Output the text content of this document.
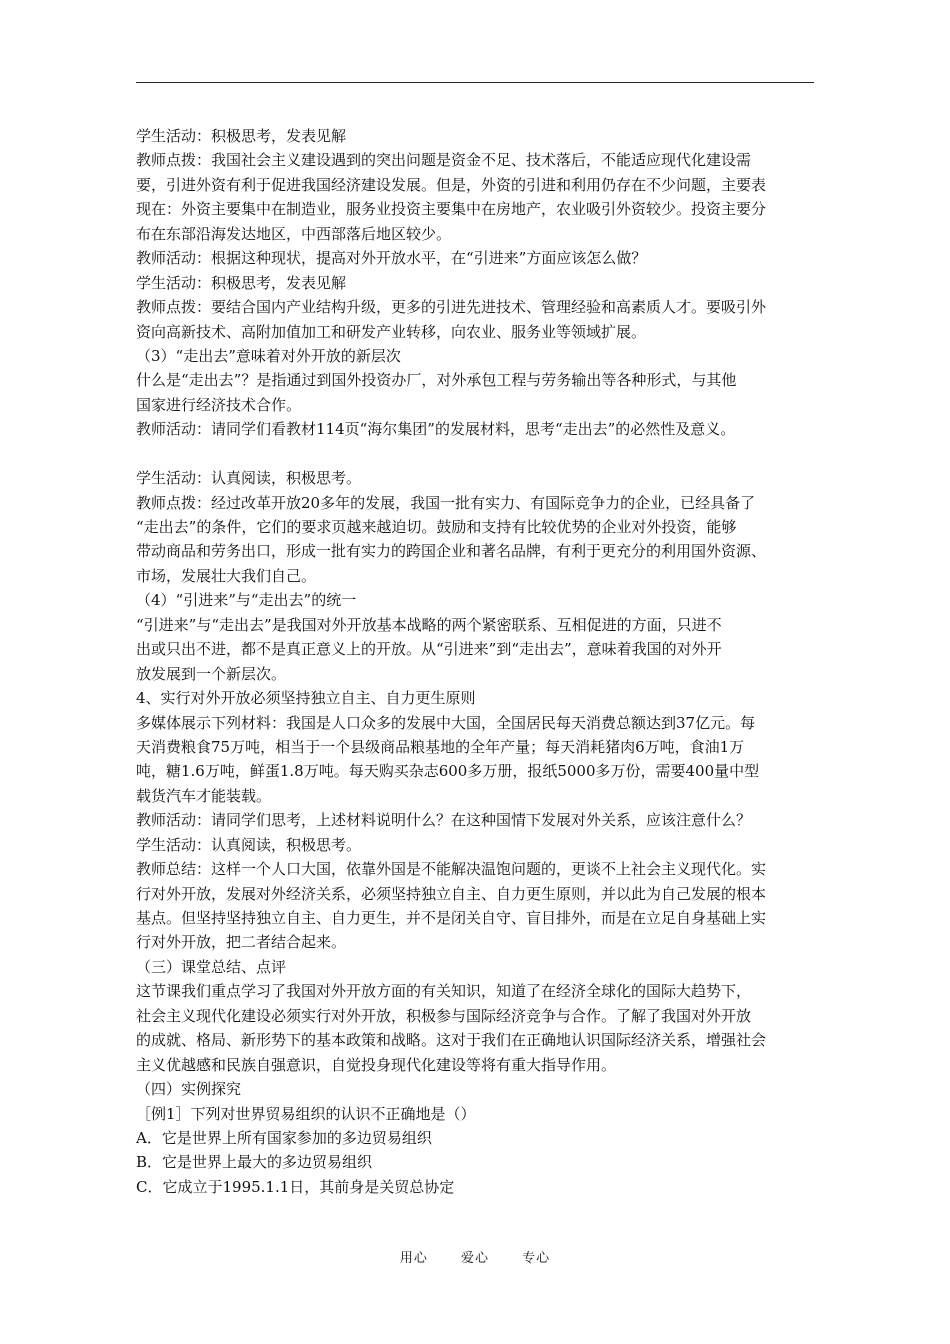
学生活动：积极思考，发表见解
教师点拨：我国社会主义建设遇到的突出问题是资金不足、技术落后，不能适应现代化建设需
要，引进外资有利于促进我国经济建设发展。但是，外资的引进和利用仍存在不少问题，主要表
现在：外资主要集中在制造业，服务业投资主要集中在房地产，农业吸引外资较少。投资主要分
布在东部沿海发达地区，中西部落后地区较少。
教师活动：根据这种现状，提高对外开放水平，在“引进来”方面应该怎么做？
学生活动：积极思考，发表见解
教师点拨：要结合国内产业结构升级，更多的引进先进技术、管理经验和高素质人才。要吸引外
资向高新技术、高附加值加工和研发产业转移，向农业、服务业等领域扩展。
（3）“走出去”意味着对外开放的新层次
什么是“走出去”？是指通过到国外投资办厂，对外承包工程与劳务输出等各种形式，与其他
国家进行经济技术合作。
教师活动：请同学们看教材114页“海尔集团”的发展材料，思考“走出去”的必然性及意义。
学生活动：认真阅读，积极思考。
教师点拨：经过改革开放20多年的发展，我国一批有实力、有国际竞争力的企业，已经具备了
“走出去”的条件，它们的要求页越来越迫切。鼓励和支持有比较优势的企业对外投资，能够
带动商品和劳务出口，形成一批有实力的跨国企业和著名品牌，有利于更充分的利用国外资源、
市场，发展壮大我们自己。
（4）“引进来”与“走出去”的统一
“引进来”与“走出去”是我国对外开放基本战略的两个紧密联系、互相促进的方面，只进不
出或只出不进，都不是真正意义上的开放。从“引进来”到“走出去”，意味着我国的对外开
放发展到一个新层次。
4、实行对外开放必须坚持独立自主、自力更生原则
多媒体展示下列材料：我国是人口众多的发展中大国，全国居民每天消费总额达到37亿元。每
天消费粮食75万吨，相当于一个县级商品粮基地的全年产量；每天消耗猪肉6万吨，食油1万
吨，糖1.6万吨，鲜蛋1.8万吨。每天购买杂志600多万册，报纸5000多万份，需要400量中型
载货汽车才能装载。
教师活动：请同学们思考，上述材料说明什么？在这种国情下发展对外关系，应该注意什么？
学生活动：认真阅读，积极思考。
教师总结：这样一个人口大国，依靠外国是不能解决温饱问题的，更谈不上社会主义现代化。实
行对外开放，发展对外经济关系，必须坚持独立自主、自力更生原则，并以此为自己发展的根本
基点。但坚持坚持独立自主、自力更生，并不是闭关自守、盲目排外，而是在立足自身基础上实
行对外开放，把二者结合起来。
（三）课堂总结、点评
这节课我们重点学习了我国对外开放方面的有关知识，知道了在经济全球化的国际大趋势下，
社会主义现代化建设必须实行对外开放，积极参与国际经济竞争与合作。了解了我国对外开放
的成就、格局、新形势下的基本政策和战略。这对于我们在正确地认识国际经济关系，增强社会
主义优越感和民族自强意识，自觉投身现代化建设等将有重大指导作用。
（四）实例探究
［例1］下列对世界贸易组织的认识不正确地是（）
A．它是世界上所有国家参加的多边贸易组织
B．它是世界上最大的多边贸易组织
C．它成立于1995.1.1日，其前身是关贸总协定
用心	爱心	专心
